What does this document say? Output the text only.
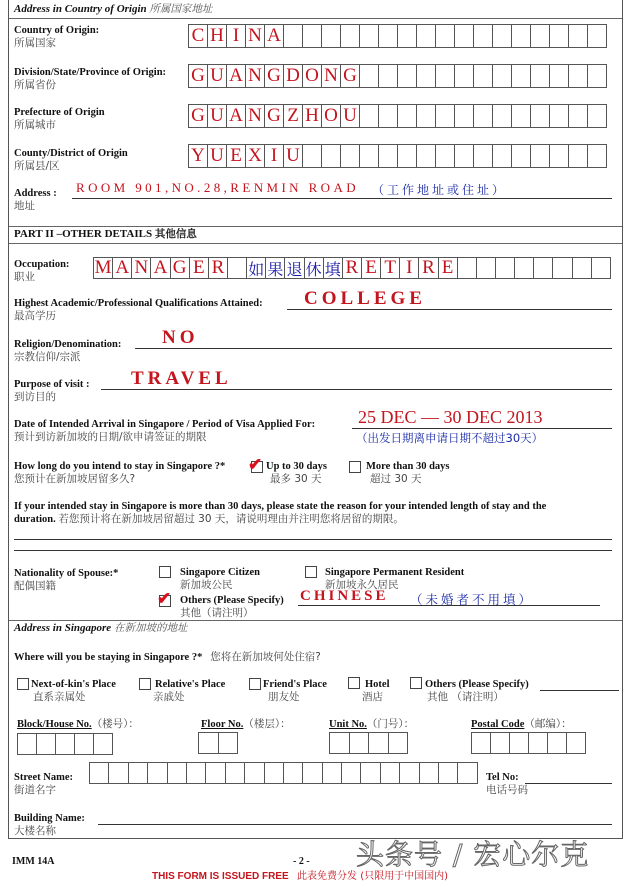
Address in Country of Origin 所属国家地址
Country of Origin:
所属国家	C H I N A
Division/State/Province of Origin:
所属省份	G U A N G D O N G
Prefecture of Origin
所属城市	G U A N G Z H O U
County/District of Origin
所属县/区	Y U E X I U
Address :
地址
ROOM 901,NO.28,RENMIN ROAD （工作地址或住址）
PART II –OTHER DETAILS 其他信息
Occupation:
职业	M A N A G E R 如 果 退 休 填 R E T I R E
Highest Academic/Professional Qualifications Attained:
最高学历
COLLEGE
Religion/Denomination:
宗教信仰/宗派
NO
Purpose of visit :
到访目的
TRAVEL
Date of Intended Arrival in Singapore / Period of Visa Applied For:
预计到访新加坡的日期/欲申请签证的期限
25 DEC — 30 DEC 2013
（出发日期离申请日期不超过30天）
How long do you intend to stay in Singapore ?*
您预计在新加坡居留多久?
✔ Up to 30 days
最多 30 天
More than 30 days
超过 30 天
If your intended stay in Singapore is more than 30 days, please state the reason for your intended length of stay and the
duration. 若您预计将在新加坡居留超过 30 天，请说明理由并注明您将居留的期限。
Nationality of Spouse:*
配偶国籍
Singapore Citizen
新加坡公民
Singapore Permanent Resident
新加坡永久居民
✔ Others (Please Specify)
其他（请注明）
CHINESE （未婚者不用填）
Address in Singapore 在新加坡的地址
Where will you be staying in Singapore ?* 您将在新加坡何处住宿?
Next-of-kin's Place
直系亲属处
Relative's Place
亲戚处
Friend's Place
朋友处
Hotel
酒店
Others (Please Specify)
其他 （请注明）
Block/House No.（楼号）：	Floor No.（楼层）：	Unit No.（门号）：	Postal Code（邮编）：
Street Name:
街道名字
Tel No:
电话号码
Building Name:
大楼名称
IMM 14A	- 2 -
THIS FORM IS ISSUED FREE 此表免费分发 (只限用于中国国内)
头条号 / 宏心尔克
